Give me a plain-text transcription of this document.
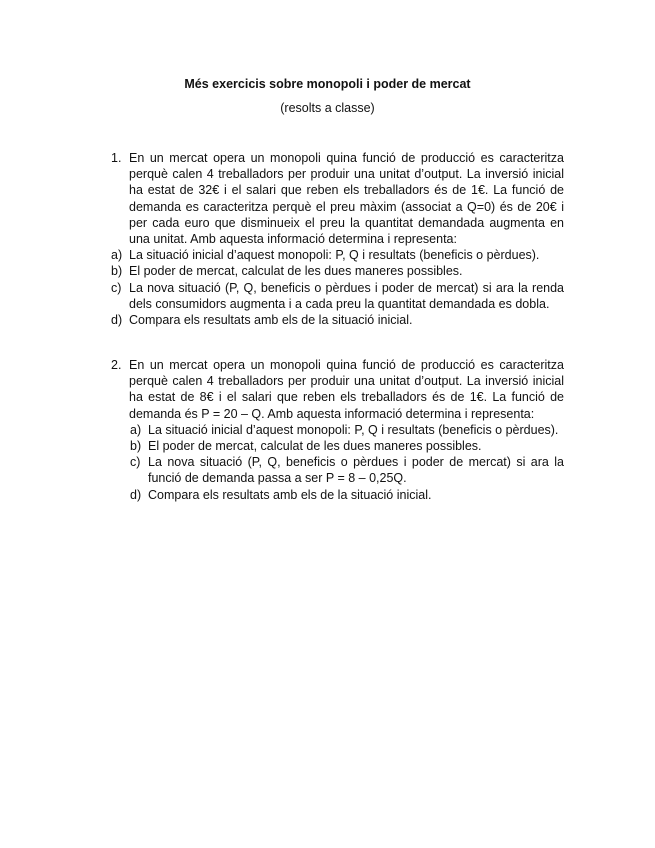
Més exercicis sobre monopoli i poder de mercat
(resolts a classe)
1. En un mercat opera un monopoli quina funció de producció es caracteritza perquè calen 4 treballadors per produir una unitat d’output. La inversió inicial ha estat de 32€ i el salari que reben els treballadors és de 1€. La funció de demanda es caracteritza perquè el preu màxim (associat a Q=0) és de 20€ i per cada euro que disminueix el preu la quantitat demandada augmenta en una unitat. Amb aquesta informació determina i representa:
a) La situació inicial d’aquest monopoli: P, Q i resultats (beneficis o pèrdues).
b) El poder de mercat, calculat de les dues maneres possibles.
c) La nova situació (P, Q, beneficis o pèrdues i poder de mercat) si ara la renda dels consumidors augmenta i a cada preu la quantitat demandada es dobla.
d) Compara els resultats amb els de la situació inicial.
2. En un mercat opera un monopoli quina funció de producció es caracteritza perquè calen 4 treballadors per produir una unitat d’output. La inversió inicial ha estat de 8€ i el salari que reben els treballadors és de 1€. La funció de demanda és P = 20 – Q. Amb aquesta informació determina i representa:
a) La situació inicial d’aquest monopoli: P, Q i resultats (beneficis o pèrdues).
b) El poder de mercat, calculat de les dues maneres possibles.
c) La nova situació (P, Q, beneficis o pèrdues i poder de mercat) si ara la funció de demanda passa a ser P = 8 – 0,25Q.
d) Compara els resultats amb els de la situació inicial.
